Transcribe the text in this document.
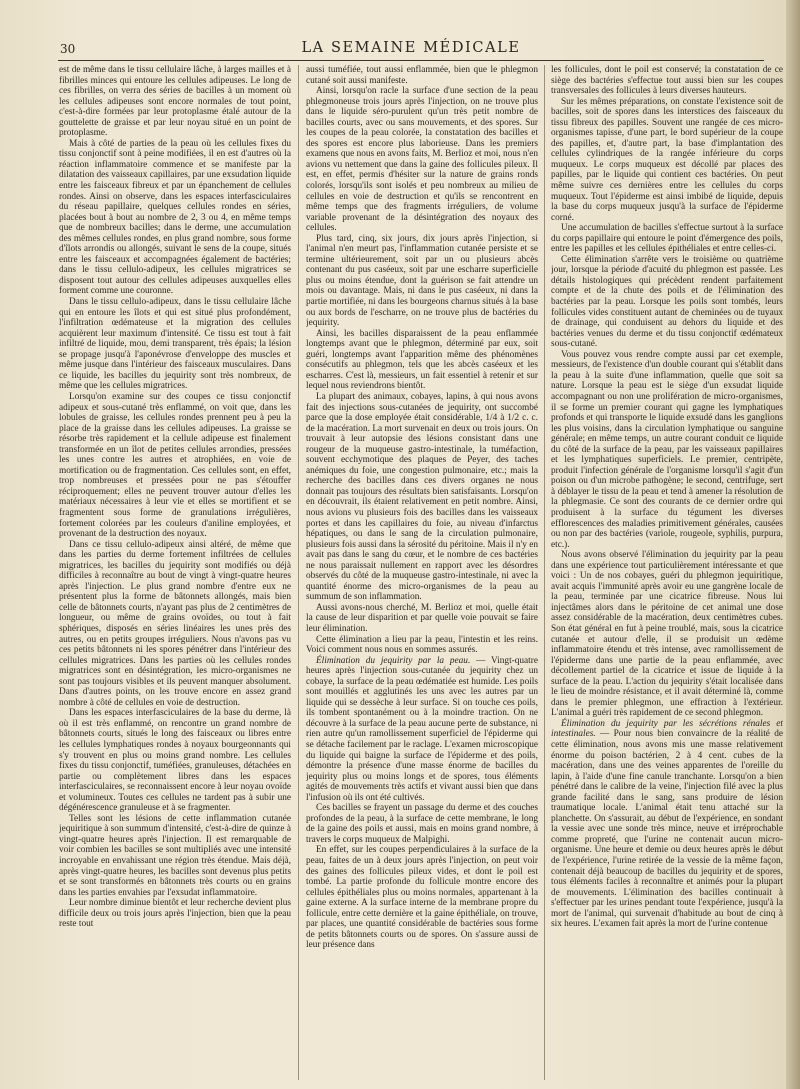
30	LA SEMAINE MÉDICALE

est de même dans le tissu cellulaire lâche, à larges mailles et à fibrilles minces qui entoure les cellules adipeuses. Le long de ces fibrilles, on verra des séries de bacilles à un moment où les cellules adipeuses sont encore normales de tout point, c'est-à-dire formées par leur protoplasme étalé autour de la gouttelette de graisse et par leur noyau situé en un point de protoplasme.

Mais à côté de parties de la peau où les cellules fixes du tissu conjonctif sont à peine modifiées, il en est d'autres où la réaction inflammatoire commence et se manifeste par la dilatation des vaisseaux capillaires, par une exsudation liquide entre les faisceaux fibreux et par un épanchement de cellules rondes. Ainsi on observe, dans les espaces interfasciculaires du réseau papillaire, quelques cellules rondes en séries, placées bout à bout au nombre de 2, 3 ou 4, en même temps que de nombreux bacilles; dans le derme, une accumulation des mêmes cellules rondes, en plus grand nombre, sous forme d'îlots arrondis ou allongés, suivant le sens de la coupe, situés entre les faisceaux et accompagnées également de bactéries; dans le tissu cellulo-adipeux, les cellules migratrices se disposent tout autour des cellules adipeuses auxquelles elles forment comme une couronne.

Dans le tissu cellulo-adipeux, dans le tissu cellulaire lâche qui en entoure les îlots et qui est situé plus profondément, l'infiltration œdémateuse et la migration des cellules acquièrent leur maximum d'intensité. Ce tissu est tout à fait infiltré de liquide, mou, demi transparent, très épais; la lésion se propage jusqu'à l'aponévrose d'enveloppe des muscles et même jusque dans l'intérieur des faisceaux musculaires. Dans ce liquide, les bacilles du jequirity sont très nombreux, de même que les cellules migratrices.

Lorsqu'on examine sur des coupes ce tissu conjonctif adipeux et sous-cutané très enflammé, on voit que, dans les lobules de graisse, les cellules rondes prennent peu à peu la place de la graisse dans les cellules adipeuses. La graisse se résorbe très rapidement et la cellule adipeuse est finalement transformée en un îlot de petites cellules arrondies, pressées les unes contre les autres et atrophiées, en voie de mortification ou de fragmentation. Ces cellules sont, en effet, trop nombreuses et pressées pour ne pas s'étouffer réciproquement; elles ne peuvent trouver autour d'elles les matériaux nécessaires à leur vie et elles se mortifient et se fragmentent sous forme de granulations irrégulières, fortement colorées par les couleurs d'aniline employées, et provenant de la destruction des noyaux.

Dans ce tissu cellulo-adipeux ainsi altéré, de même que dans les parties du derme fortement infiltrées de cellules migratrices, les bacilles du jequirity sont modifiés ou déjà difficiles à reconnaître au bout de vingt à vingt-quatre heures après l'injection. Le plus grand nombre d'entre eux ne présentent plus la forme de bâtonnets allongés, mais bien celle de bâtonnets courts, n'ayant pas plus de 2 centimètres de longueur, ou même de grains ovoïdes, ou tout à fait sphériques, disposés en séries linéaires les unes près des autres, ou en petits groupes irréguliers. Nous n'avons pas vu ces petits bâtonnets ni les spores pénétrer dans l'intérieur des cellules migratrices. Dans les parties où les cellules rondes migratrices sont en désintégration, les micro-organismes ne sont pas toujours visibles et ils peuvent manquer absolument. Dans d'autres points, on les trouve encore en assez grand nombre à côté de cellules en voie de destruction.

Dans les espaces interfasciculaires de la base du derme, là où il est très enflammé, on rencontre un grand nombre de bâtonnets courts, situés le long des faisceaux ou libres entre les cellules lymphatiques rondes à noyaux bourgeonnants qui s'y trouvent en plus ou moins grand nombre. Les cellules fixes du tissu conjonctif, tuméfiées, granuleuses, détachées en partie ou complètement libres dans les espaces interfasciculaires, se reconnaissent encore à leur noyau ovoïde et volumineux. Toutes ces cellules ne tardent pas à subir une dégénérescence granuleuse et à se fragmenter.

Telles sont les lésions de cette inflammation cutanée jequiritique à son summum d'intensité, c'est-à-dire de quinze à vingt-quatre heures après l'injection. Il est remarquable de voir combien les bacilles se sont multipliés avec une intensité incroyable en envahissant une région très étendue. Mais déjà, après vingt-quatre heures, les bacilles sont devenus plus petits et se sont transformés en bâtonnets très courts ou en grains dans les parties envahies par l'exsudat inflammatoire.

Leur nombre diminue bientôt et leur recherche devient plus difficile deux ou trois jours après l'injection, bien que la peau reste tout

aussi tuméfiée, tout aussi enflammée, bien que le phlegmon cutané soit aussi manifeste.

Ainsi, lorsqu'on racle la surface d'une section de la peau phlegmoneuse trois jours après l'injection, on ne trouve plus dans le liquide séro-purulent qu'un très petit nombre de bacilles courts, avec ou sans mouvements, et des spores. Sur les coupes de la peau colorée, la constatation des bacilles et des spores est encore plus laborieuse. Dans les premiers examens que nous en avons faits, M. Berlioz et moi, nous n'en avions vu nettement que dans la gaine des follicules pileux. Il est, en effet, permis d'hésiter sur la nature de grains ronds colorés, lorsqu'ils sont isolés et peu nombreux au milieu de cellules en voie de destruction et qu'ils se rencontrent en même temps que des fragments irréguliers, de volume variable provenant de la désintégration des noyaux des cellules.

Plus tard, cinq, six jours, dix jours après l'injection, si l'animal n'en meurt pas, l'inflammation cutanée persiste et se termine ultérieurement, soit par un ou plusieurs abcès contenant du pus caséeux, soit par une escharre superficielle plus ou moins étendue, dont la guérison se fait attendre un mois ou davantage. Mais, ni dans le pus caséeux, ni dans la partie mortifiée, ni dans les bourgeons charnus situés à la base ou aux bords de l'escharre, on ne trouve plus de bactéries du jequirity.

Ainsi, les bacilles disparaissent de la peau enflammée longtemps avant que le phlegmon, déterminé par eux, soit guéri, longtemps avant l'apparition même des phénomènes consécutifs au phlegmon, tels que les abcès caséeux et les escharres. C'est là, messieurs, un fait essentiel à retenir et sur lequel nous reviendrons bientôt.

La plupart des animaux, cobayes, lapins, à qui nous avons fait des injections sous-cutanées de jequirity, ont succombé parce que la dose employée était considérable, 1/4 à 1/2 c. c. de la macération. La mort survenait en deux ou trois jours. On trouvait à leur autopsie des lésions consistant dans une rougeur de la muqueuse gastro-intestinale, la tuméfaction, souvent ecchymotique des plaques de Peyer, des taches anémiques du foie, une congestion pulmonaire, etc.; mais la recherche des bacilles dans ces divers organes ne nous donnait pas toujours des résultats bien satisfaisants. Lorsqu'on en découvrait, ils étaient relativement en petit nombre. Ainsi, nous avions vu plusieurs fois des bacilles dans les vaisseaux portes et dans les capillaires du foie, au niveau d'infarctus hépatiques, ou dans le sang de la circulation pulmonaire, plusieurs fois aussi dans la sérosité du péritoine. Mais il n'y en avait pas dans le sang du cœur, et le nombre de ces bactéries ne nous paraissait nullement en rapport avec les désordres observés du côté de la muqueuse gastro-intestinale, ni avec la quantité énorme des micro-organismes de la peau au summum de son inflammation.

Aussi avons-nous cherché, M. Berlioz et moi, quelle était la cause de leur disparition et par quelle voie pouvait se faire leur élimination.

Cette élimination a lieu par la peau, l'intestin et les reins. Voici comment nous nous en sommes assurés.

Élimination du jequirity par la peau. — Vingt-quatre heures après l'injection sous-cutanée du jequirity chez un cobaye, la surface de la peau œdématiée est humide. Les poils sont mouillés et agglutinés les uns avec les autres par un liquide qui se dessèche à leur surface. Si on touche ces poils, ils tombent spontanément ou à la moindre traction. On ne découvre à la surface de la peau aucune perte de substance, ni rien autre qu'un ramollissement superficiel de l'épiderme qui se détache facilement par le raclage. L'examen microscopique du liquide qui baigne la surface de l'épiderme et des poils, démontre la présence d'une masse énorme de bacilles du jequirity plus ou moins longs et de spores, tous éléments agités de mouvements très actifs et vivant aussi bien que dans l'infusion où ils ont été cultivés.

Ces bacilles se frayent un passage du derme et des couches profondes de la peau, à la surface de cette membrane, le long de la gaine des poils et aussi, mais en moins grand nombre, à travers le corps muqueux de Malpighi.

En effet, sur les coupes perpendiculaires à la surface de la peau, faites de un à deux jours après l'injection, on peut voir des gaines des follicules pileux vides, et dont le poil est tombé. La partie profonde du follicule montre encore des cellules épithéliales plus ou moins normales, appartenant à la gaine externe. A la surface interne de la membrane propre du follicule, entre cette dernière et la gaine épithéliale, on trouve, par places, une quantité considérable de bactéries sous forme de petits bâtonnets courts ou de spores. On s'assure aussi de leur présence dans

les follicules, dont le poil est conservé; la constatation de ce siège des bactéries s'effectue tout aussi bien sur les coupes transversales des follicules à leurs diverses hauteurs.

Sur les mêmes préparations, on constate l'existence soit de bacilles, soit de spores dans les interstices des faisceaux du tissu fibreux des papilles. Souvent une rangée de ces micro-organismes tapisse, d'une part, le bord supérieur de la coupe des papilles, et, d'autre part, la base d'implantation des cellules cylindriques de la rangée inférieure du corps muqueux. Le corps muqueux est décollé par places des papilles, par le liquide qui contient ces bactéries. On peut même suivre ces dernières entre les cellules du corps muqueux. Tout l'épiderme est ainsi imbibé de liquide, depuis la base du corps muqueux jusqu'à la surface de l'épiderme corné.

Une accumulation de bacilles s'effectue surtout à la surface du corps papillaire qui entoure le point d'émergence des poils, entre les papilles et les cellules épithéliales et entre celles-ci.

Cette élimination s'arrête vers le troisième ou quatrième jour, lorsque la période d'acuité du phlegmon est passée. Les détails histologiques qui précèdent rendent parfaitement compte et de la chute des poils et de l'élimination des bactéries par la peau. Lorsque les poils sont tombés, leurs follicules vides constituent autant de cheminées ou de tuyaux de drainage, qui conduisent au dehors du liquide et des bactéries venues du derme et du tissu conjonctif œdémateux sous-cutané.

Vous pouvez vous rendre compte aussi par cet exemple, messieurs, de l'existence d'un double courant qui s'établit dans la peau à la suite d'une inflammation, quelle que soit sa nature. Lorsque la peau est le siège d'un exsudat liquide accompagnant ou non une prolifération de micro-organismes, il se forme un premier courant qui gagne les lymphatiques profonds et qui transporte le liquide exsudé dans les ganglions les plus voisins, dans la circulation lymphatique ou sanguine générale; en même temps, un autre courant conduit ce liquide du côté de la surface de la peau, par les vaisseaux papillaires et les lymphatiques superficiels. Le premier, centripète, produit l'infection générale de l'organisme lorsqu'il s'agit d'un poison ou d'un microbe pathogène; le second, centrifuge, sert à déblayer le tissu de la peau et tend à amener la résolution de la phlegmasie. Ce sont des courants de ce dernier ordre qui produisent à la surface du tégument les diverses efflorescences des maladies primitivement générales, causées ou non par des bactéries (variole, rougeole, syphilis, purpura, etc.).

Nous avons observé l'élimination du jequirity par la peau dans une expérience tout particulièrement intéressante et que voici : Un de nos cobayes, guéri du phlegmon jequiritique, avait acquis l'immunité après avoir eu une gangrène locale de la peau, terminée par une cicatrice fibreuse. Nous lui injectâmes alors dans le péritoine de cet animal une dose assez considérable de la macération, deux centimètres cubes. Son état général en fut à peine troublé, mais, sous la cicatrice cutanée et autour d'elle, il se produisit un œdème inflammatoire étendu et très intense, avec ramollissement de l'épiderme dans une partie de la peau enflammée, avec décollement partiel de la cicatrice et issue de liquide à la surface de la peau. L'action du jequirity s'était localisée dans le lieu de moindre résistance, et il avait déterminé là, comme dans le premier phlegmon, une effraction à l'extérieur. L'animal a guéri très rapidement de ce second phlegmon.

Élimination du jequirity par les sécrétions rénales et intestinales. — Pour nous bien convaincre de la réalité de cette élimination, nous avons mis une masse relativement énorme du poison bactérien, 2 à 4 cent. cubes de la macération, dans une des veines apparentes de l'oreille du lapin, à l'aide d'une fine canule tranchante. Lorsqu'on a bien pénétré dans le calibre de la veine, l'injection filé avec la plus grande facilité dans le sang, sans produire de lésion traumatique locale. L'animal était tenu attaché sur la planchette. On s'assurait, au début de l'expérience, en sondant la vessie avec une sonde très mince, neuve et irréprochable comme propreté, que l'urine ne contenait aucun micro-organisme. Une heure et demie ou deux heures après le début de l'expérience, l'urine retirée de la vessie de la même façon, contenait déjà beaucoup de bacilles du jequirity et de spores, tous éléments faciles à reconnaître et animés pour la plupart de mouvements. L'élimination des bacilles continuait à s'effectuer par les urines pendant toute l'expérience, jusqu'à la mort de l'animal, qui survenait d'habitude au bout de cinq à six heures. L'examen fait après la mort de l'urine contenue
